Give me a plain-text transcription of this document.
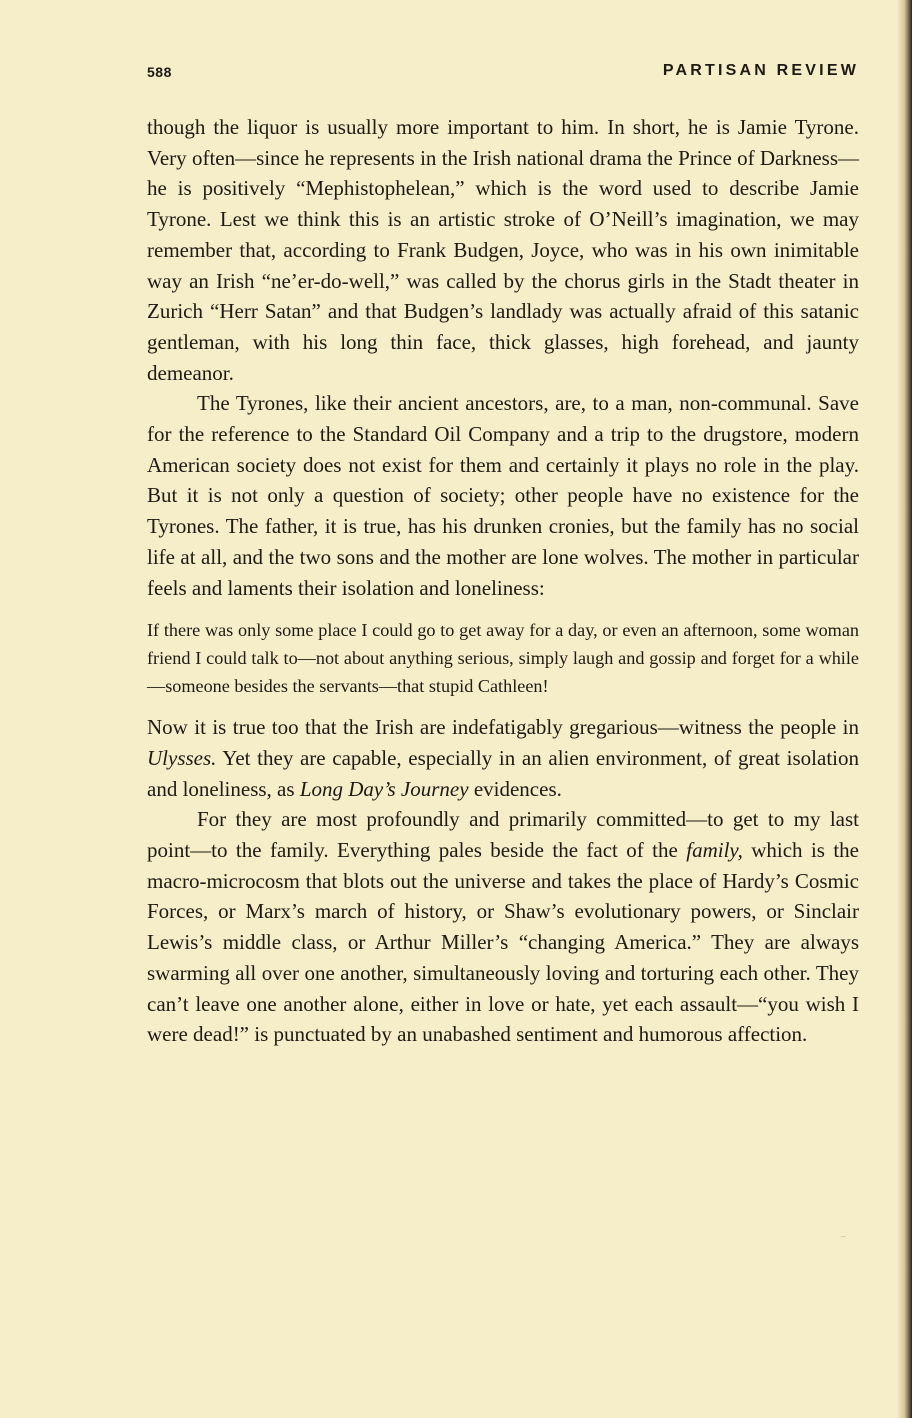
588	PARTISAN REVIEW

though the liquor is usually more important to him. In short, he is Jamie Tyrone. Very often—since he represents in the Irish national drama the Prince of Darkness—he is positively “Mephistophelean,” which is the word used to describe Jamie Tyrone. Lest we think this is an artistic stroke of O’Neill’s imagination, we may remember that, according to Frank Budgen, Joyce, who was in his own inimitable way an Irish “ne’er-do-well,” was called by the chorus girls in the Stadt theater in Zurich “Herr Satan” and that Budgen’s landlady was actually afraid of this satanic gentleman, with his long thin face, thick glasses, high forehead, and jaunty demeanor.

The Tyrones, like their ancient ancestors, are, to a man, non-communal. Save for the reference to the Standard Oil Company and a trip to the drugstore, modern American society does not exist for them and certainly it plays no role in the play. But it is not only a question of society; other people have no existence for the Tyrones. The father, it is true, has his drunken cronies, but the family has no social life at all, and the two sons and the mother are lone wolves. The mother in particular feels and laments their isolation and loneliness:

If there was only some place I could go to get away for a day, or even an afternoon, some woman friend I could talk to—not about anything serious, simply laugh and gossip and forget for a while—someone besides the servants—that stupid Cathleen!

Now it is true too that the Irish are indefatigably gregarious—witness the people in Ulysses. Yet they are capable, especially in an alien environment, of great isolation and loneliness, as Long Day’s Journey evidences.

For they are most profoundly and primarily committed—to get to my last point—to the family. Everything pales beside the fact of the family, which is the macro-microcosm that blots out the universe and takes the place of Hardy’s Cosmic Forces, or Marx’s march of history, or Shaw’s evolutionary powers, or Sinclair Lewis’s middle class, or Arthur Miller’s “changing America.” They are always swarming all over one another, simultaneously loving and torturing each other. They can’t leave one another alone, either in love or hate, yet each assault—“you wish I were dead!” is punctuated by an unabashed sentiment and humorous affection.

⁻
